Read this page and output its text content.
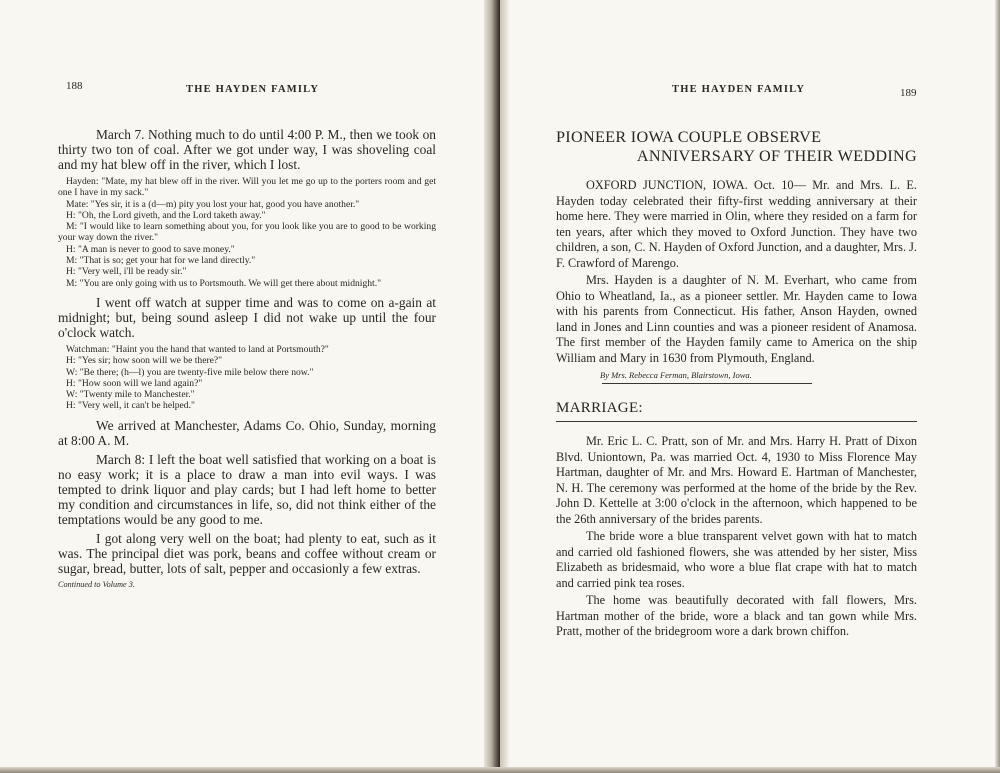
188	THE HAYDEN FAMILY

March 7. Nothing much to do until 4:00 P. M., then we took on thirty two ton of coal. After we got under way, I was shoveling coal and my hat blew off in the river, which I lost.

Hayden: "Mate, my hat blew off in the river. Will you let me go up to the porters room and get one I have in my sack."
Mate: "Yes sir, it is a (d—m) pity you lost your hat, good you have another."
H: "Oh, the Lord giveth, and the Lord taketh away."
M: "I would like to learn something about you, for you look like you are to good to be working your way down the river."
H: "A man is never to good to save money."
M: "That is so; get your hat for we land directly."
H: "Very well, i'll be ready sir."
M: "You are only going with us to Portsmouth. We will get there about midnight."

I went off watch at supper time and was to come on a-gain at midnight; but, being sound asleep I did not wake up until the four o'clock watch.

Watchman: "Haint you the hand that wanted to land at Portsmouth?"
H: "Yes sir; how soon will we be there?"
W: "Be there; (h—l) you are twenty-five mile below there now."
H: "How soon will we land again?"
W: "Twenty mile to Manchester."
H: "Very well, it can't be helped."

We arrived at Manchester, Adams Co. Ohio, Sunday, morning at 8:00 A. M.

March 8: I left the boat well satisfied that working on a boat is no easy work; it is a place to draw a man into evil ways. I was tempted to drink liquor and play cards; but I had left home to better my condition and circumstances in life, so, did not think either of the temptations would be any good to me.

I got along very well on the boat; had plenty to eat, such as it was. The principal diet was pork, beans and coffee without cream or sugar, bread, butter, lots of salt, pepper and occasionly a few extras.

Continued to Volume 3.
THE HAYDEN FAMILY	189
PIONEER IOWA COUPLE OBSERVE
ANNIVERSARY OF THEIR WEDDING

OXFORD JUNCTION, IOWA. Oct. 10— Mr. and Mrs. L. E. Hayden today celebrated their fifty-first wedding anniversary at their home here. They were married in Olin, where they resided on a farm for ten years, after which they moved to Oxford Junction. They have two children, a son, C. N. Hayden of Oxford Junction, and a daughter, Mrs. J. F. Crawford of Marengo.

Mrs. Hayden is a daughter of N. M. Everhart, who came from Ohio to Wheatland, Ia., as a pioneer settler. Mr. Hayden came to Iowa with his parents from Connecticut. His father, Anson Hayden, owned land in Jones and Linn counties and was a pioneer resident of Anamosa. The first member of the Hayden family came to America on the ship William and Mary in 1630 from Plymouth, England.

By Mrs. Rebecca Ferman, Blairstown, Iowa.
MARRIAGE:

Mr. Eric L. C. Pratt, son of Mr. and Mrs. Harry H. Pratt of Dixon Blvd. Uniontown, Pa. was married Oct. 4, 1930 to Miss Florence May Hartman, daughter of Mr. and Mrs. Howard E. Hartman of Manchester, N. H. The ceremony was performed at the home of the bride by the Rev. John D. Kettelle at 3:00 o'clock in the afternoon, which happened to be the 26th anniversary of the brides parents.

The bride wore a blue transparent velvet gown with hat to match and carried old fashioned flowers, she was attended by her sister, Miss Elizabeth as bridesmaid, who wore a blue flat crape with hat to match and carried pink tea roses.

The home was beautifully decorated with fall flowers, Mrs. Hartman mother of the bride, wore a black and tan gown while Mrs. Pratt, mother of the bridegroom wore a dark brown chiffon.
